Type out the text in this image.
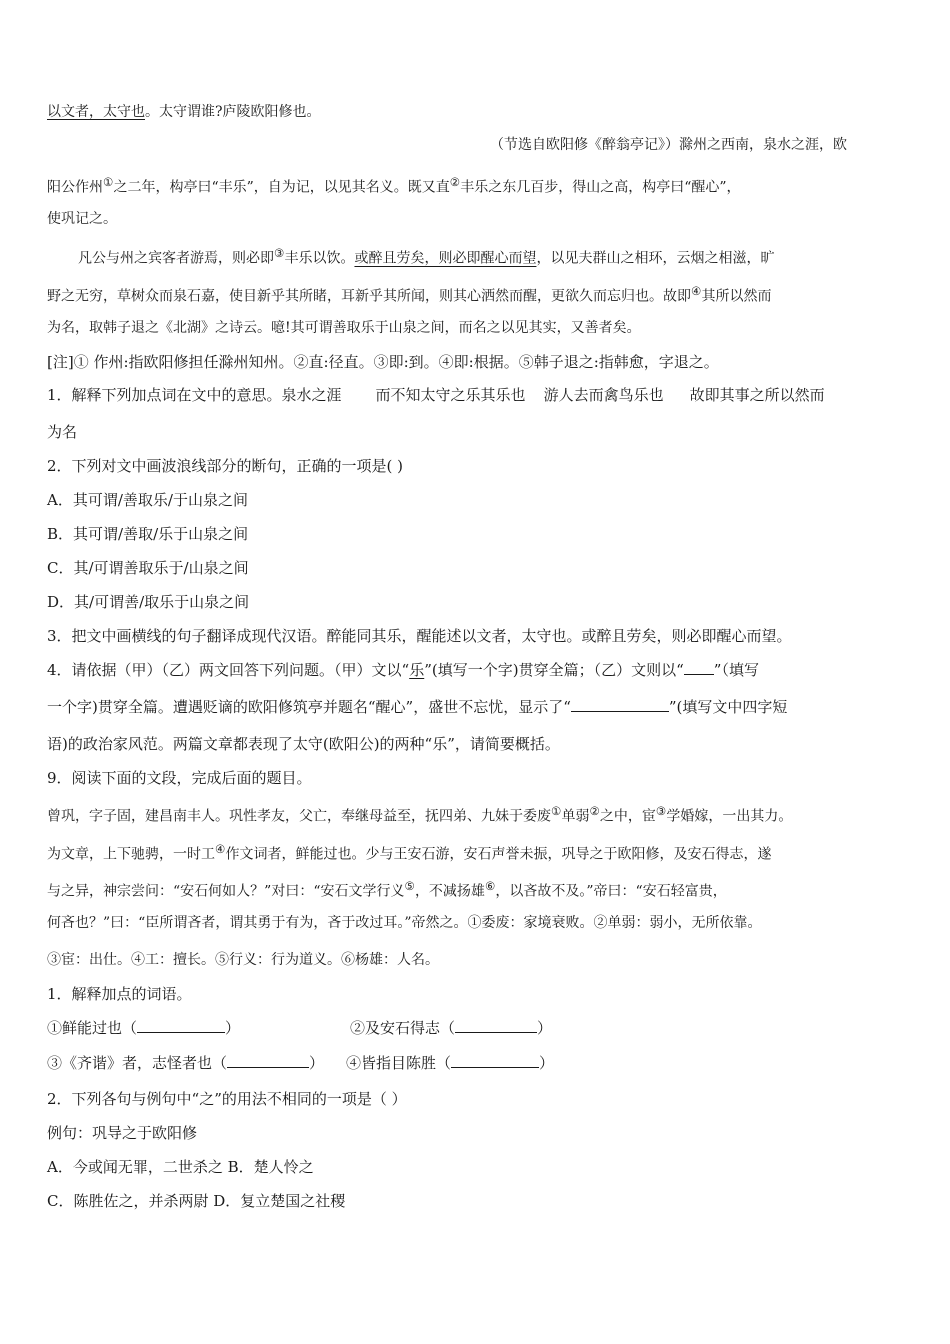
以文者，太守也。太守谓谁?庐陵欧阳修也。
（节选自欧阳修《醉翁亭记》）滁州之西南，泉水之涯，欧
阳公作州①之二年，构亭曰“丰乐”，自为记，以见其名义。既又直②丰乐之东几百步，得山之高，构亭曰“醒心”，
使巩记之。
凡公与州之宾客者游焉，则必即③丰乐以饮。或醉且劳矣，则必即醒心而望，以见夫群山之相环，云烟之相滋，旷
野之无穷，草树众而泉石嘉，使目新乎其所睹，耳新乎其所闻，则其心洒然而醒，更欲久而忘归也。故即④其所以然而
为名，取韩子退之《北湖》之诗云。噫!其可谓善取乐于山泉之间，而名之以见其实，又善者矣。
[注]① 作州:指欧阳修担任滁州知州。②直:径直。③即:到。④即:根据。⑤韩子退之:指韩愈，字退之。
1．解释下列加点词在文中的意思。泉水之涯 而不知太守之乐其乐也 游人去而禽鸟乐也 故即其事之所以然而
为名
2．下列对文中画波浪线部分的断句，正确的一项是( )
A．其可谓/善取乐/于山泉之间
B．其可谓/善取/乐于山泉之间
C．其/可谓善取乐于/山泉之间
D．其/可谓善/取乐于山泉之间
3．把文中画横线的句子翻译成现代汉语。醉能同其乐，醒能述以文者，太守也。或醉且劳矣，则必即醒心而望。
4．请依据（甲）（乙）两文回答下列问题。（甲）文以“乐”(填写一个字)贯穿全篇；（乙）文则以“ ”（填写
一个字)贯穿全篇。遭遇贬谪的欧阳修筑亭并题名“醒心”，盛世不忘忧，显示了“	”(填写文中四字短
语)的政治家风范。两篇文章都表现了太守(欧阳公)的两种“乐”，请简要概括。
9．阅读下面的文段，完成后面的题目。
曾巩，字子固，建昌南丰人。巩性孝友，父亡，奉继母益至，抚四弟、九妹于委废①单弱②之中，宦③学婚嫁，一出其力。
为文章，上下驰骋，一时工④作文词者，鲜能过也。少与王安石游，安石声誉未振，巩导之于欧阳修，及安石得志，遂
与之异，神宗尝问：“安石何如人？”对曰：“安石文学行义⑤，不减扬雄⑥，以吝故不及。”帝曰：“安石轻富贵，
何吝也？”曰：“臣所谓吝者，谓其勇于有为，吝于改过耳。”帝然之。①委废：家境衰败。②单弱：弱小，无所依靠。
③宦：出仕。④工：擅长。⑤行义：行为道义。⑥杨雄：人名。
1．解释加点的词语。
①鲜能过也（	）	②及安石得志（	）
③《齐谐》者，志怪者也（	） ④皆指目陈胜（	）
2．下列各句与例句中“之”的用法不相同的一项是（ ）
例句：巩导之于欧阳修
A．今或闻无罪，二世杀之 B．楚人怜之
C．陈胜佐之，并杀两尉 D．复立楚国之社稷
